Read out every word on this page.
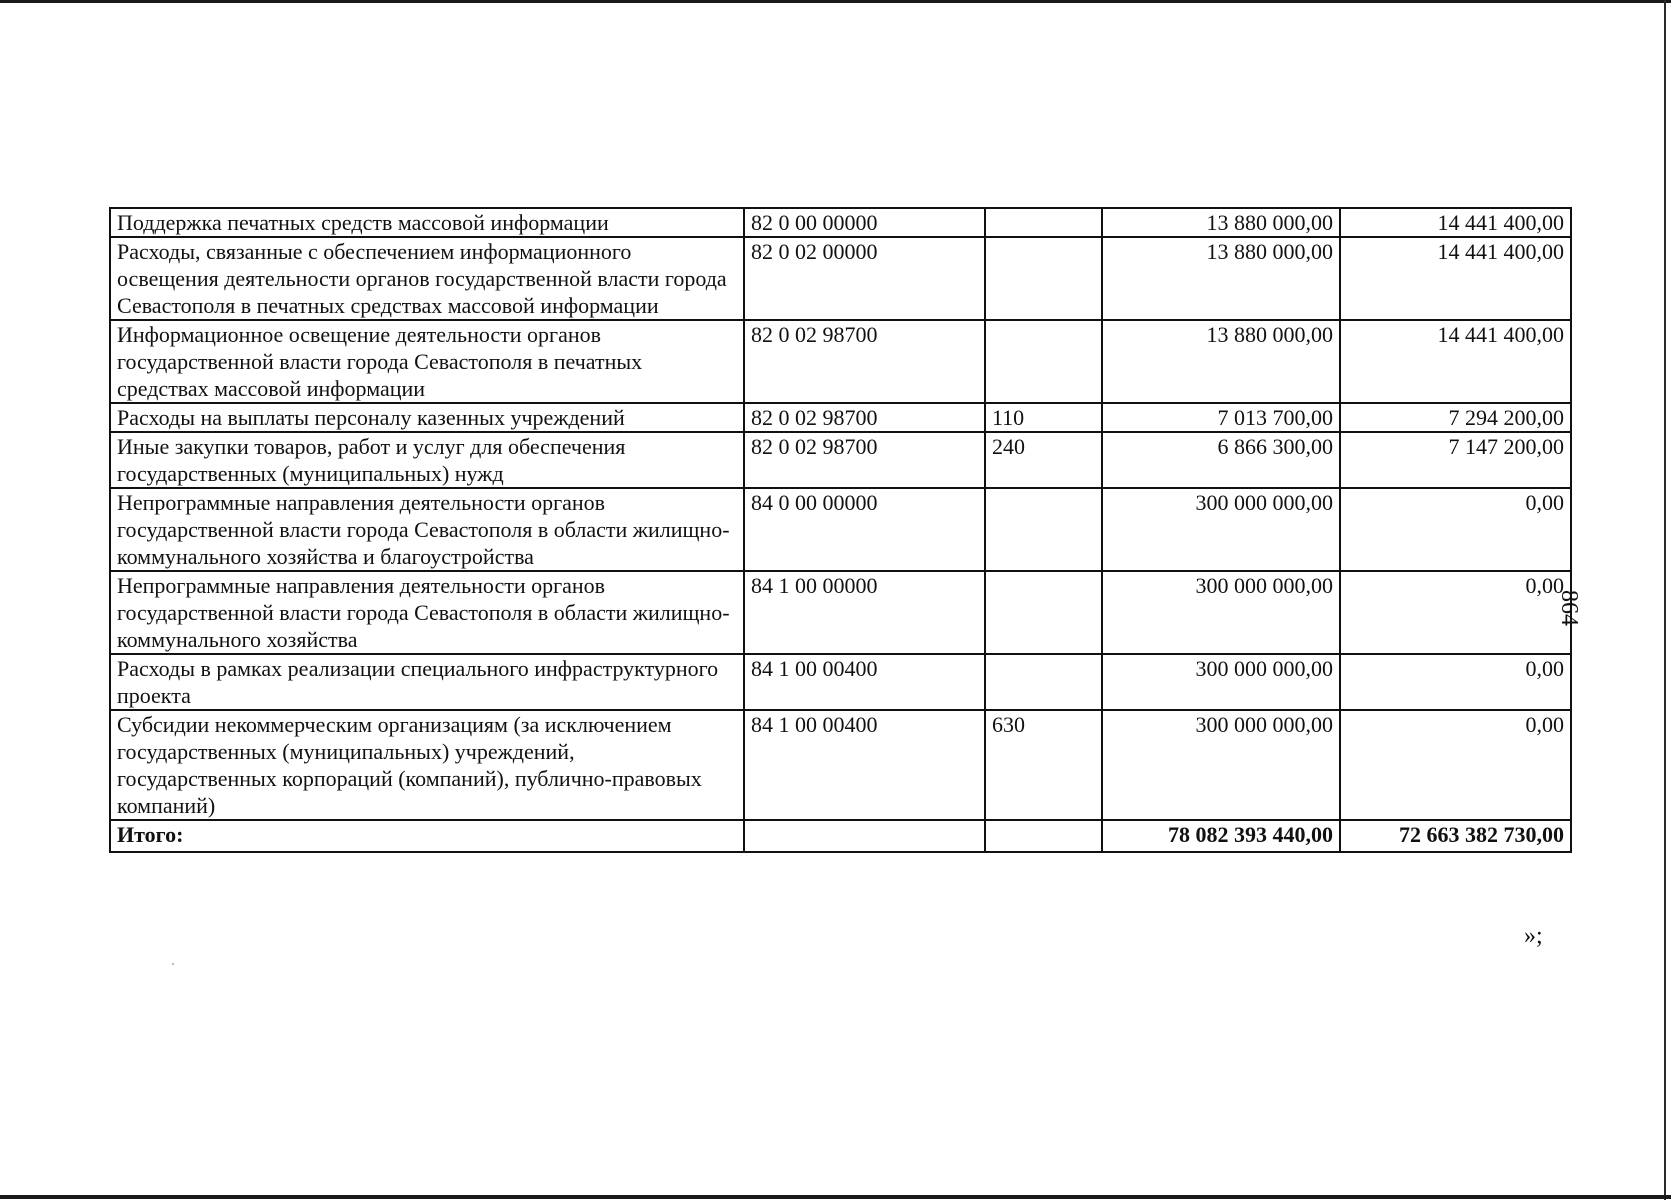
Поддержка печатных средств массовой информации	82 0 00 00000		13 880 000,00	14 441 400,00
Расходы, связанные с обеспечением информационного освещения деятельности органов государственной власти города Севастополя в печатных средствах массовой информации	82 0 02 00000		13 880 000,00	14 441 400,00
Информационное освещение деятельности органов государственной власти города Севастополя в печатных средствах массовой информации	82 0 02 98700		13 880 000,00	14 441 400,00
Расходы на выплаты персоналу казенных учреждений	82 0 02 98700	110	7 013 700,00	7 294 200,00
Иные закупки товаров, работ и услуг для обеспечения государственных (муниципальных) нужд	82 0 02 98700	240	6 866 300,00	7 147 200,00
Непрограммные направления деятельности органов государственной власти города Севастополя в области жилищно-коммунального хозяйства и благоустройства	84 0 00 00000		300 000 000,00	0,00
Непрограммные направления деятельности органов государственной власти города Севастополя в области жилищно-коммунального хозяйства	84 1 00 00000		300 000 000,00	0,00
Расходы в рамках реализации специального инфраструктурного проекта	84 1 00 00400		300 000 000,00	0,00
Субсидии некоммерческим организациям (за исключением государственных (муниципальных) учреждений, государственных корпораций (компаний), публично-правовых компаний)	84 1 00 00400	630	300 000 000,00	0,00
Итого:			78 082 393 440,00	72 663 382 730,00
864
»;
